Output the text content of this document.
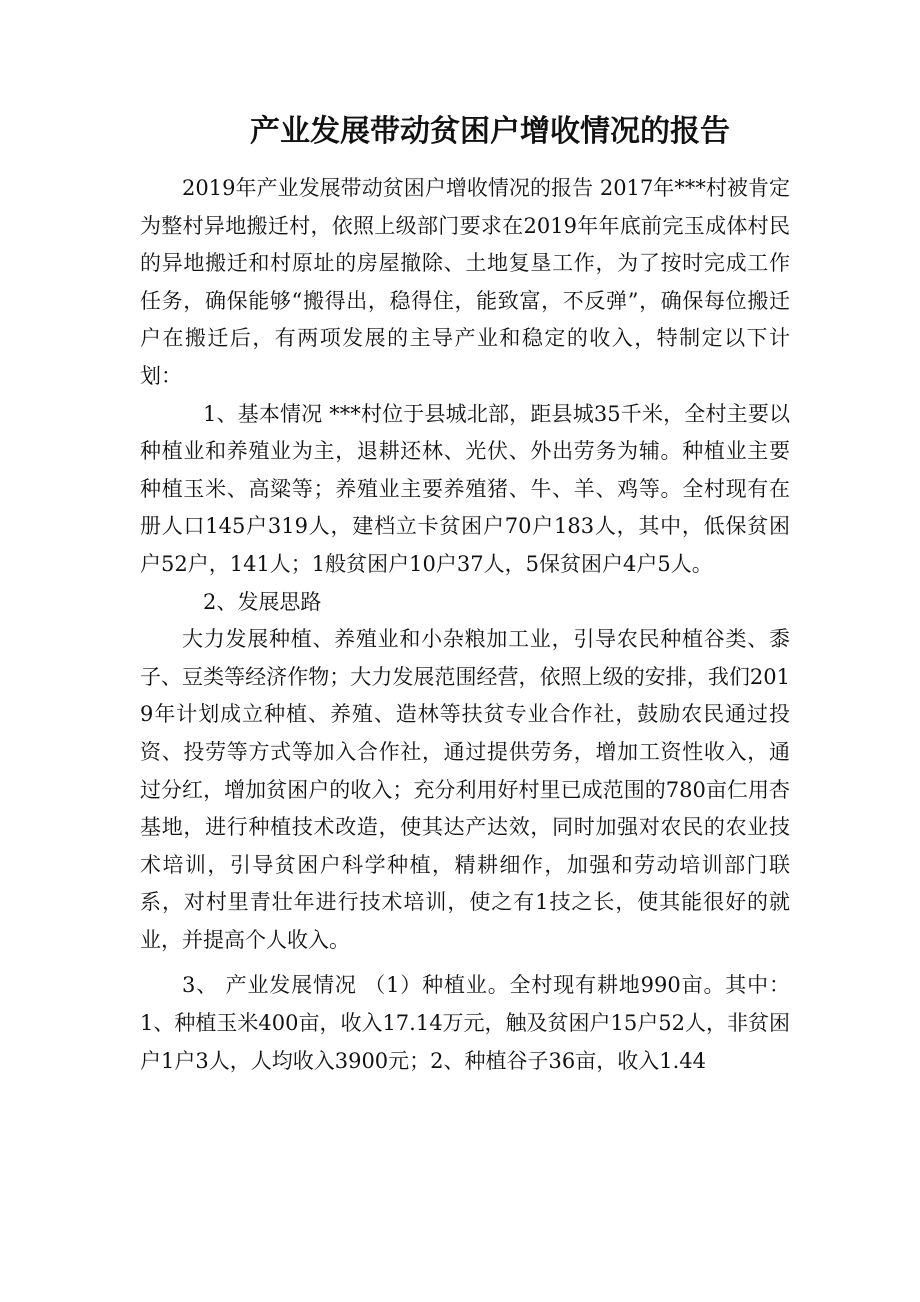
产业发展带动贫困户增收情况的报告

2019年产业发展带动贫困户增收情况的报告 2017年***村被肯定为整村异地搬迁村，依照上级部门要求在2019年年底前完玉成体村民的异地搬迁和村原址的房屋撤除、土地复垦工作，为了按时完成工作任务，确保能够“搬得出，稳得住，能致富，不反弹”，确保每位搬迁户在搬迁后，有两项发展的主导产业和稳定的收入，特制定以下计划：

1、基本情况 ***村位于县城北部，距县城35千米，全村主要以种植业和养殖业为主，退耕还林、光伏、外出劳务为辅。种植业主要种植玉米、高粱等；养殖业主要养殖猪、牛、羊、鸡等。全村现有在册人口145户319人，建档立卡贫困户70户183人，其中，低保贫困户52户，141人；1般贫困户10户37人，5保贫困户4户5人。

2、发展思路

大力发展种植、养殖业和小杂粮加工业，引导农民种植谷类、黍子、豆类等经济作物；大力发展范围经营，依照上级的安排，我们2019年计划成立种植、养殖、造林等扶贫专业合作社，鼓励农民通过投资、投劳等方式等加入合作社，通过提供劳务，增加工资性收入，通过分红，增加贫困户的收入；充分利用好村里已成范围的780亩仁用杏基地，进行种植技术改造，使其达产达效，同时加强对农民的农业技术培训，引导贫困户科学种植，精耕细作，加强和劳动培训部门联系，对村里青壮年进行技术培训，使之有1技之长，使其能很好的就业，并提高个人收入。

3、 产业发展情况 （1）种植业。全村现有耕地990亩。其中：1、种植玉米400亩，收入17.14万元，触及贫困户15户52人，非贫困户1户3人，人均收入3900元；2、种植谷子36亩，收入1.44
